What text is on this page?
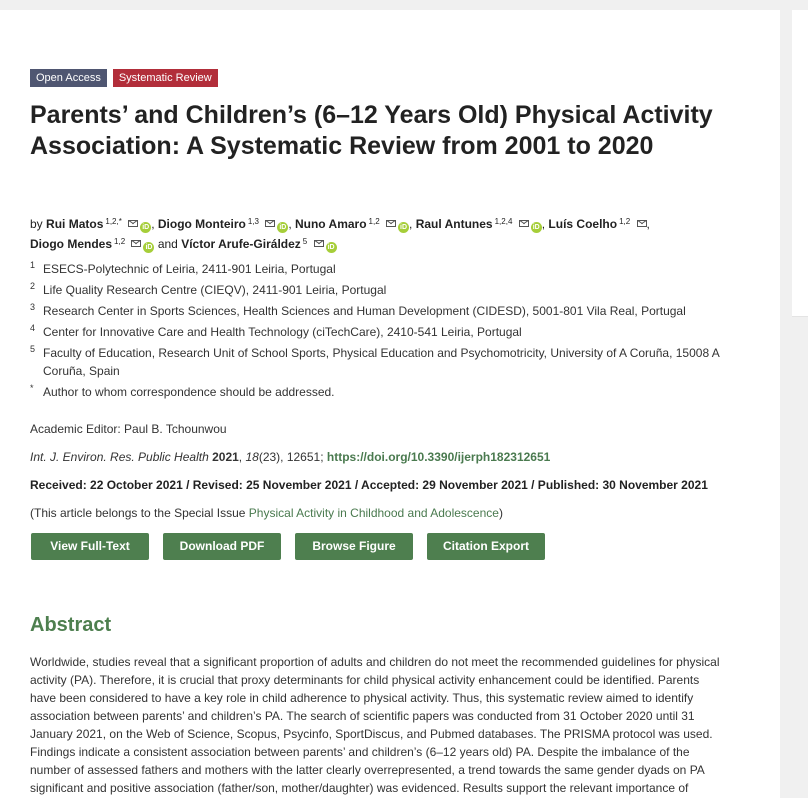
Open Access	Systematic Review
Parents’ and Children’s (6–12 Years Old) Physical Activity Association: A Systematic Review from 2001 to 2020
by Rui Matos $^{1,2,*}$ iD , Diogo Monteiro $^{1,3}$ iD , Nuno Amaro $^{1,2}$ iD , Raul Antunes $^{1,2,4}$ iD , Luís Coelho $^{1,2}$ ,
Diogo Mendes $^{1,2}$ iD and Víctor Arufe-Giráldez $^5$ iD
1 ESECS-Polytechnic of Leiria, 2411-901 Leiria, Portugal
2 Life Quality Research Centre (CIEQV), 2411-901 Leiria, Portugal
3 Research Center in Sports Sciences, Health Sciences and Human Development (CIDESD), 5001-801 Vila Real, Portugal
4 Center for Innovative Care and Health Technology (ciTechCare), 2410-541 Leiria, Portugal
5 Faculty of Education, Research Unit of School Sports, Physical Education and Psychomotricity, University of A Coruña, 15008 A Coruña, Spain
* Author to whom correspondence should be addressed.
Academic Editor: Paul B. Tchounwou
Int. J. Environ. Res. Public Health 2021, 18(23), 12651; https://doi.org/10.3390/ijerph182312651
Received: 22 October 2021 / Revised: 25 November 2021 / Accepted: 29 November 2021 / Published: 30 November 2021
(This article belongs to the Special Issue Physical Activity in Childhood and Adolescence)
View Full-Text	Download PDF	Browse Figure	Citation Export
Abstract

Worldwide, studies reveal that a significant proportion of adults and children do not meet the recommended guidelines for physical activity (PA). Therefore, it is crucial that proxy determinants for child physical activity enhancement could be identified. Parents have been considered to have a key role in child adherence to physical activity. Thus, this systematic review aimed to identify association between parents’ and children’s PA. The search of scientific papers was conducted from 31 October 2020 until 31 January 2021, on the Web of Science, Scopus, Psycinfo, SportDiscus, and Pubmed databases. The PRISMA protocol was used. Findings indicate a consistent association between parents’ and children’s (6–12 years old) PA. Despite the imbalance of the number of assessed fathers and mothers with the latter clearly overrepresented, a trend towards the same gender dyads on PA significant and positive association (father/son, mother/daughter) was evidenced. Results support the relevant importance of
